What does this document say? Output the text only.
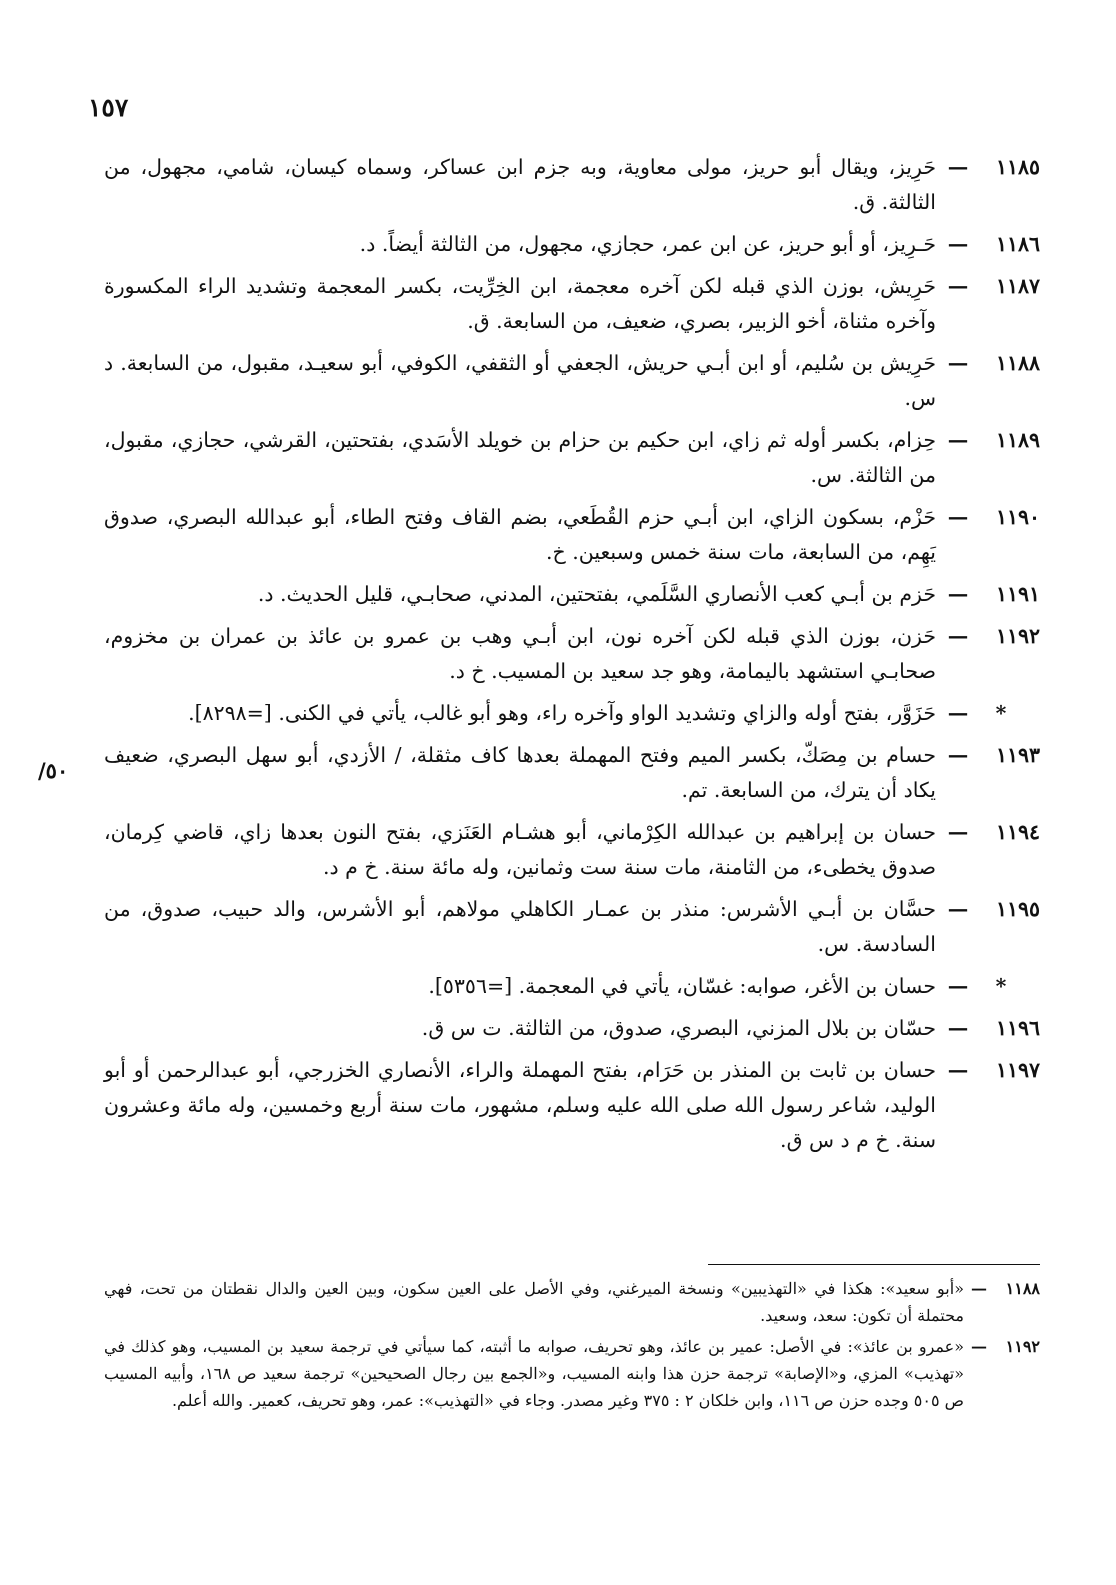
١٥٧
٥٠/
١١٨٥
—
حَرِيز، ويقال أبو حريز، مولى معاوية، وبه جزم ابن عساكر، وسماه كيسان، شامي، مجهول، من الثالثة. ق.
١١٨٦
—
حَـرِيز، أو أبو حريز، عن ابن عمر، حجازي، مجهول، من الثالثة أيضاً. د.
١١٨٧
—
حَرِيش، بوزن الذي قبله لكن آخره معجمة، ابن الخِرِّيت، بكسر المعجمة وتشديد الراء المكسورة وآخره مثناة، أخو الزبير، بصري، ضعيف، من السابعة. ق.
١١٨٨
—
حَرِيش بن سُليم، أو ابن أبـي حريش، الجعفي أو الثقفي، الكوفي، أبو سعيـد، مقبول، من السابعة. د س.
١١٨٩
—
حِزام، بكسر أوله ثم زاي، ابن حكيم بن حزام بن خويلد الأسَدي، بفتحتين، القرشي، حجازي، مقبول، من الثالثة. س.
١١٩٠
—
حَزْم، بسكون الزاي، ابن أبـي حزم القُطَعي، بضم القاف وفتح الطاء، أبو عبدالله البصري، صدوق يَهِم، من السابعة، مات سنة خمس وسبعين. خ.
١١٩١
—
حَزم بن أبـي كعب الأنصاري السَّلَمي، بفتحتين، المدني، صحابـي، قليل الحديث. د.
١١٩٢
—
حَزن، بوزن الذي قبله لكن آخره نون، ابن أبـي وهب بن عمرو بن عائذ بن عمران بن مخزوم، صحابـي استشهد باليمامة، وهو جد سعيد بن المسيب. خ د.
*
—
حَزَوَّر، بفتح أوله والزاي وتشديد الواو وآخره راء، وهو أبو غالب، يأتي في الكنى. [=٨٢٩٨].
١١٩٣
—
حسام بن مِصَكّ، بكسر الميم وفتح المهملة بعدها كاف مثقلة، / الأزدي، أبو سهل البصري، ضعيف يكاد أن يترك، من السابعة. تم.
١١٩٤
—
حسان بن إبراهيم بن عبدالله الكِرْماني، أبو هشـام العَنَزي، بفتح النون بعدها زاي، قاضي كِرمان، صدوق يخطىء، من الثامنة، مات سنة ست وثمانين، وله مائة سنة. خ م د.
١١٩٥
—
حسَّان بن أبـي الأشرس: منذر بن عمـار الكاهلي مولاهم، أبو الأشرس، والد حبيب، صدوق، من السادسة. س.
*
—
حسان بن الأغر، صوابه: غسّان، يأتي في المعجمة. [=٥٣٥٦].
١١٩٦
—
حسّان بن بلال المزني، البصري، صدوق، من الثالثة. ت س ق.
١١٩٧
—
حسان بن ثابت بن المنذر بن حَرَام، بفتح المهملة والراء، الأنصاري الخزرجي، أبو عبدالرحمن أو أبو الوليد، شاعر رسول الله صلى الله عليه وسلم، مشهور، مات سنة أربع وخمسين، وله مائة وعشرون سنة. خ م د س ق.
١١٨٨
—
«أبو سعيد»: هكذا في «التهذيبين» ونسخة الميرغني، وفي الأصل على العين سكون، وبين العين والدال نقطتان من تحت، فهي محتملة أن تكون: سعد، وسعيد.
١١٩٢
—
«عمرو بن عائذ»: في الأصل: عمير بن عائذ، وهو تحريف، صوابه ما أثبته، كما سيأتي في ترجمة سعيد بن المسيب، وهو كذلك في «تهذيب» المزي، و«الإصابة» ترجمة حزن هذا وابنه المسيب، و«الجمع بين رجال الصحيحين» ترجمة سعيد ص ١٦٨، وأبيه المسيب ص ٥٠٥ وجده حزن ص ١١٦، وابن خلكان ٢ : ٣٧٥ وغير مصدر. وجاء في «التهذيب»: عمر، وهو تحريف، كعمير. والله أعلم.
